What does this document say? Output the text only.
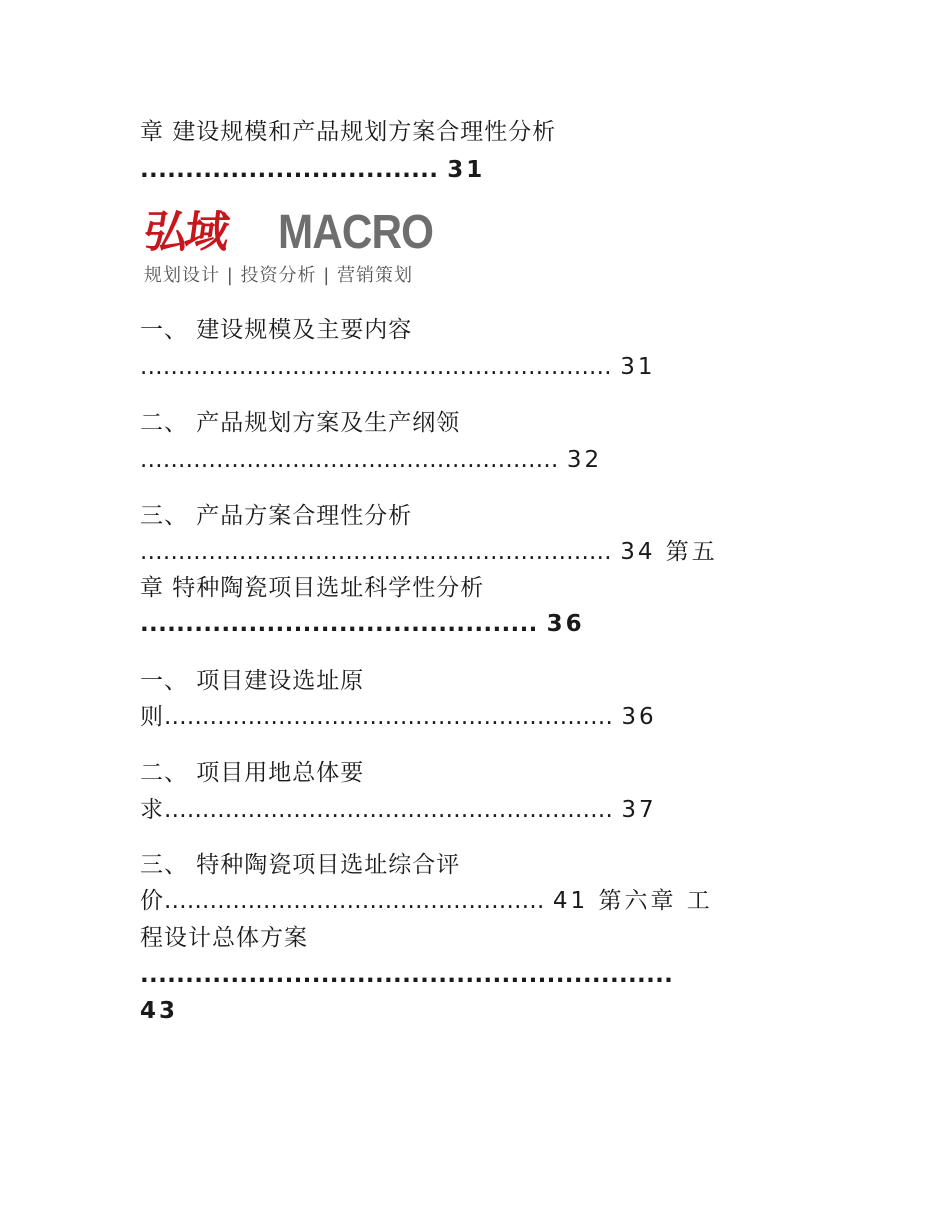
章 建设规模和产品规划方案合理性分析
................................. 31
弘域 MACRO
规划设计 | 投资分析 | 营销策划
一、 建设规模及主要内容
.............................................................. 31
二、 产品规划方案及生产纲领
....................................................... 32
三、 产品方案合理性分析
.............................................................. 34 第五
章 特种陶瓷项目选址科学性分析
............................................ 36
一、 项目建设选址原
则........................................................... 36
二、 项目用地总体要
求........................................................... 37
三、 特种陶瓷项目选址综合评
价.................................................. 41 第六章 工
程设计总体方案
...........................................................
43
